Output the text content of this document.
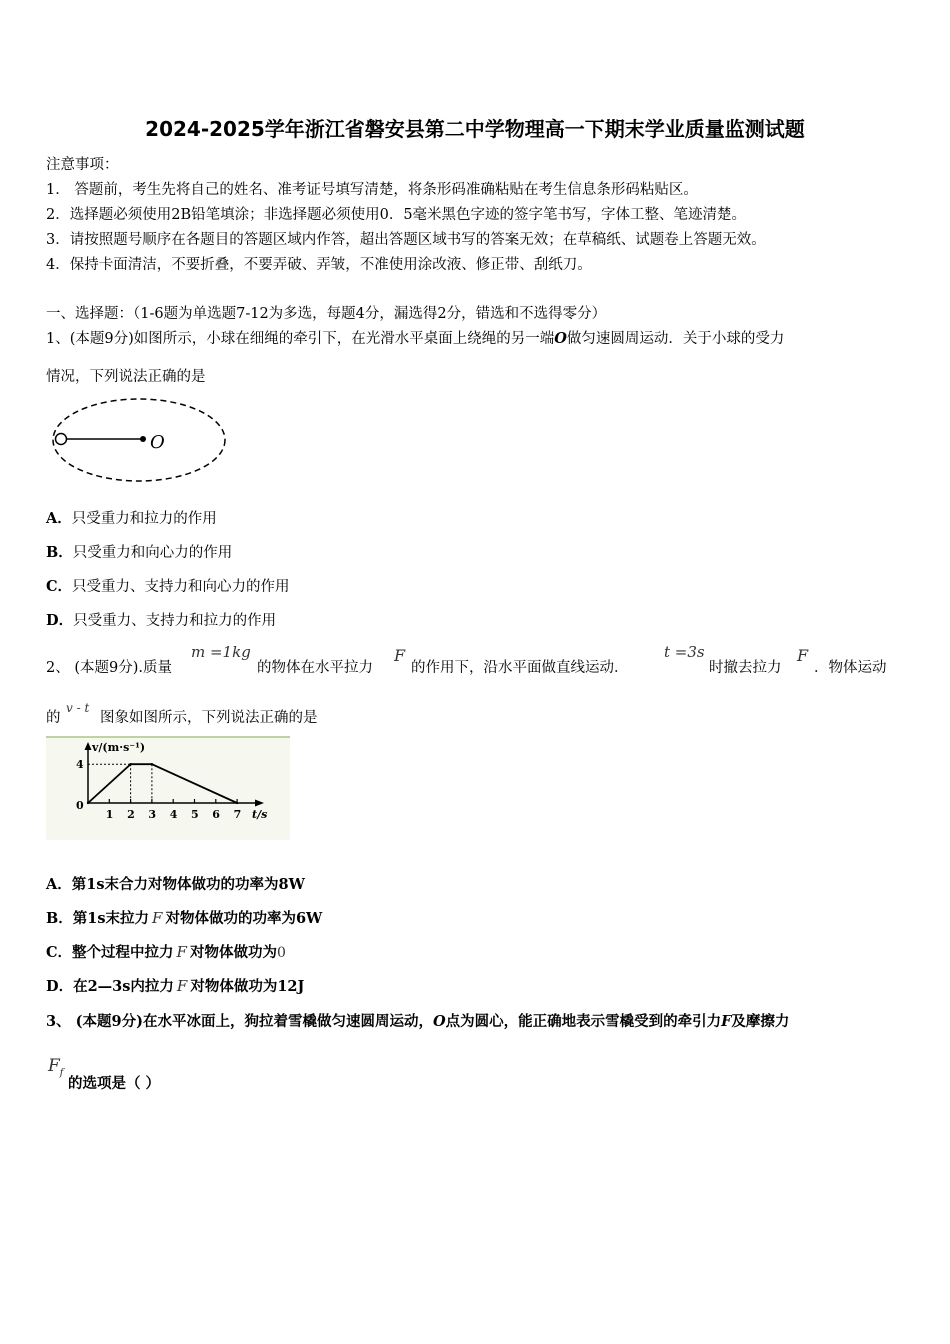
2024-2025学年浙江省磐安县第二中学物理高一下期末学业质量监测试题
注意事项：
1． 答题前，考生先将自己的姓名、准考证号填写清楚，将条形码准确粘贴在考生信息条形码粘贴区。
2．选择题必须使用2B铅笔填涂；非选择题必须使用0．5毫米黑色字迹的签字笔书写，字体工整、笔迹清楚。
3．请按照题号顺序在各题目的答题区域内作答，超出答题区域书写的答案无效；在草稿纸、试题卷上答题无效。
4．保持卡面清洁，不要折叠，不要弄破、弄皱，不准使用涂改液、修正带、刮纸刀。
一、选择题：（1-6题为单选题7-12为多选，每题4分，漏选得2分，错选和不选得零分）
1、(本题9分)如图所示，小球在细绳的牵引下，在光滑水平桌面上绕绳的另一端O做匀速圆周运动．关于小球的受力
情况，下列说法正确的是
O
A．只受重力和拉力的作用
B．只受重力和向心力的作用
C．只受重力、支持力和向心力的作用
D．只受重力、支持力和拉力的作用
2、 (本题9分).质量
m =1kg
的物体在水平拉力
F
的作用下，沿水平面做直线运动．
t =3s
时撤去拉力
F
．物体运动
的
v - t
图象如图所示，下列说法正确的是
v/(m·s⁻¹)
t/s
0
1 2 3 4 5 6 7
4
A．第1s末合力对物体做功的功率为8W
B．第1s末拉力 F 对物体做功的功率为6W
C．整个过程中拉力 F 对物体做功为0
D．在2—3s内拉力 F 对物体做功为12J
3、 (本题9分)在水平冰面上，狗拉着雪橇做匀速圆周运动，O点为圆心，能正确地表示雪橇受到的牵引力F及摩擦力
$F_f$
的选项是（ ）
